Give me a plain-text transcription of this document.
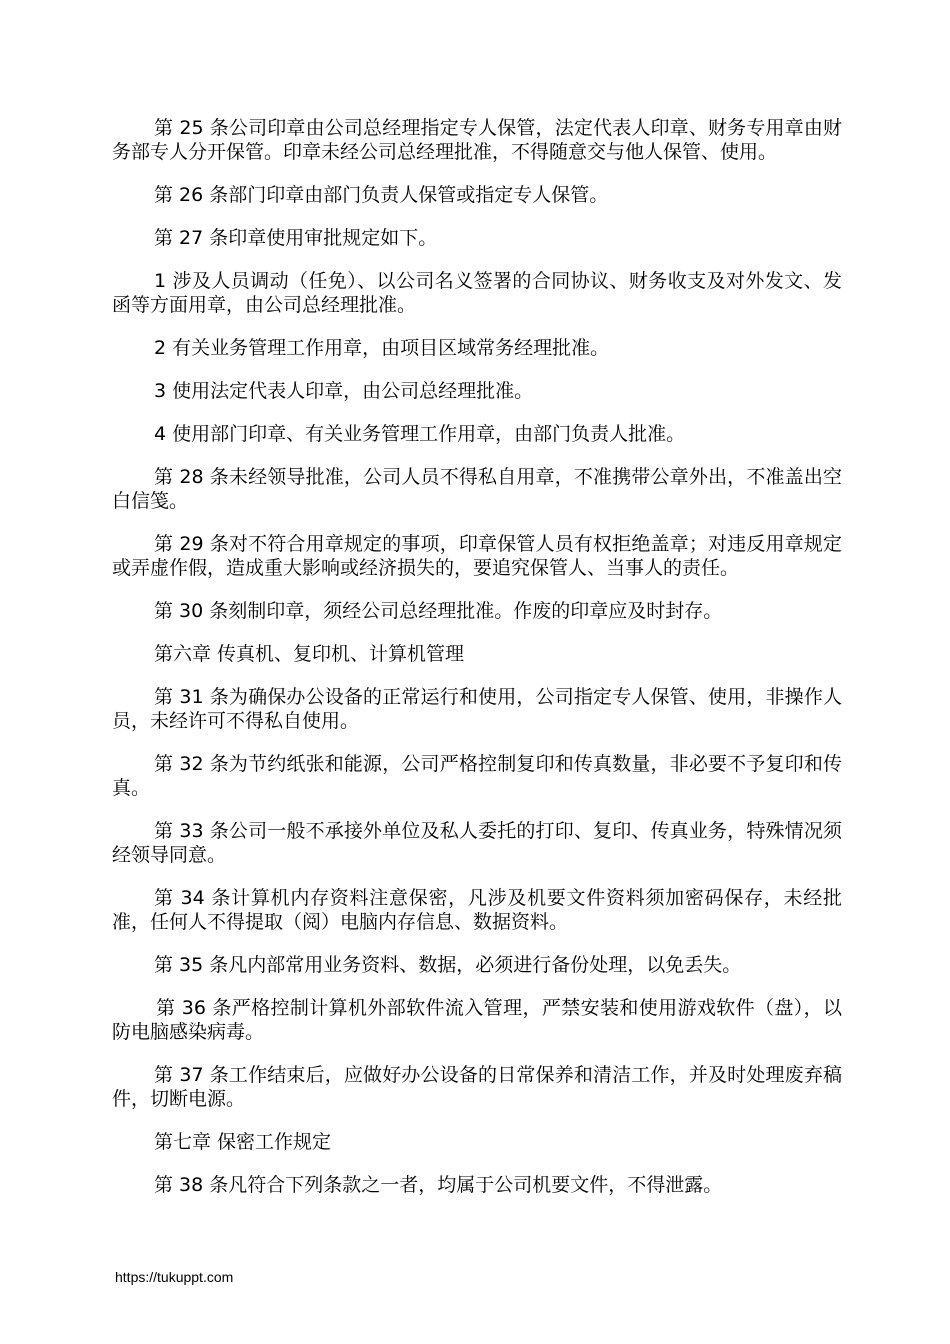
第 25 条公司印章由公司总经理指定专人保管，法定代表人印章、财务专用章由财务部专人分开保管。印章未经公司总经理批准，不得随意交与他人保管、使用。

第 26 条部门印章由部门负责人保管或指定专人保管。

第 27 条印章使用审批规定如下。

1 涉及人员调动（任免）、以公司名义签署的合同协议、财务收支及对外发文、发函等方面用章，由公司总经理批准。

2 有关业务管理工作用章，由项目区域常务经理批准。

3 使用法定代表人印章，由公司总经理批准。

4 使用部门印章、有关业务管理工作用章，由部门负责人批准。

第 28 条未经领导批准，公司人员不得私自用章，不准携带公章外出，不准盖出空白信笺。

第 29 条对不符合用章规定的事项，印章保管人员有权拒绝盖章；对违反用章规定或弄虚作假，造成重大影响或经济损失的，要追究保管人、当事人的责任。

第 30 条刻制印章，须经公司总经理批准。作废的印章应及时封存。

第六章 传真机、复印机、计算机管理

第 31 条为确保办公设备的正常运行和使用，公司指定专人保管、使用，非操作人员，未经许可不得私自使用。

第 32 条为节约纸张和能源，公司严格控制复印和传真数量，非必要不予复印和传真。

第 33 条公司一般不承接外单位及私人委托的打印、复印、传真业务，特殊情况须经领导同意。

第 34 条计算机内存资料注意保密，凡涉及机要文件资料须加密码保存，未经批准，任何人不得提取（阅）电脑内存信息、数据资料。

第 35 条凡内部常用业务资料、数据，必须进行备份处理，以免丢失。

第 36 条严格控制计算机外部软件流入管理，严禁安装和使用游戏软件（盘），以防电脑感染病毒。

第 37 条工作结束后，应做好办公设备的日常保养和清洁工作，并及时处理废弃稿件，切断电源。

第七章 保密工作规定

第 38 条凡符合下列条款之一者，均属于公司机要文件，不得泄露。

https://tukuppt.com
